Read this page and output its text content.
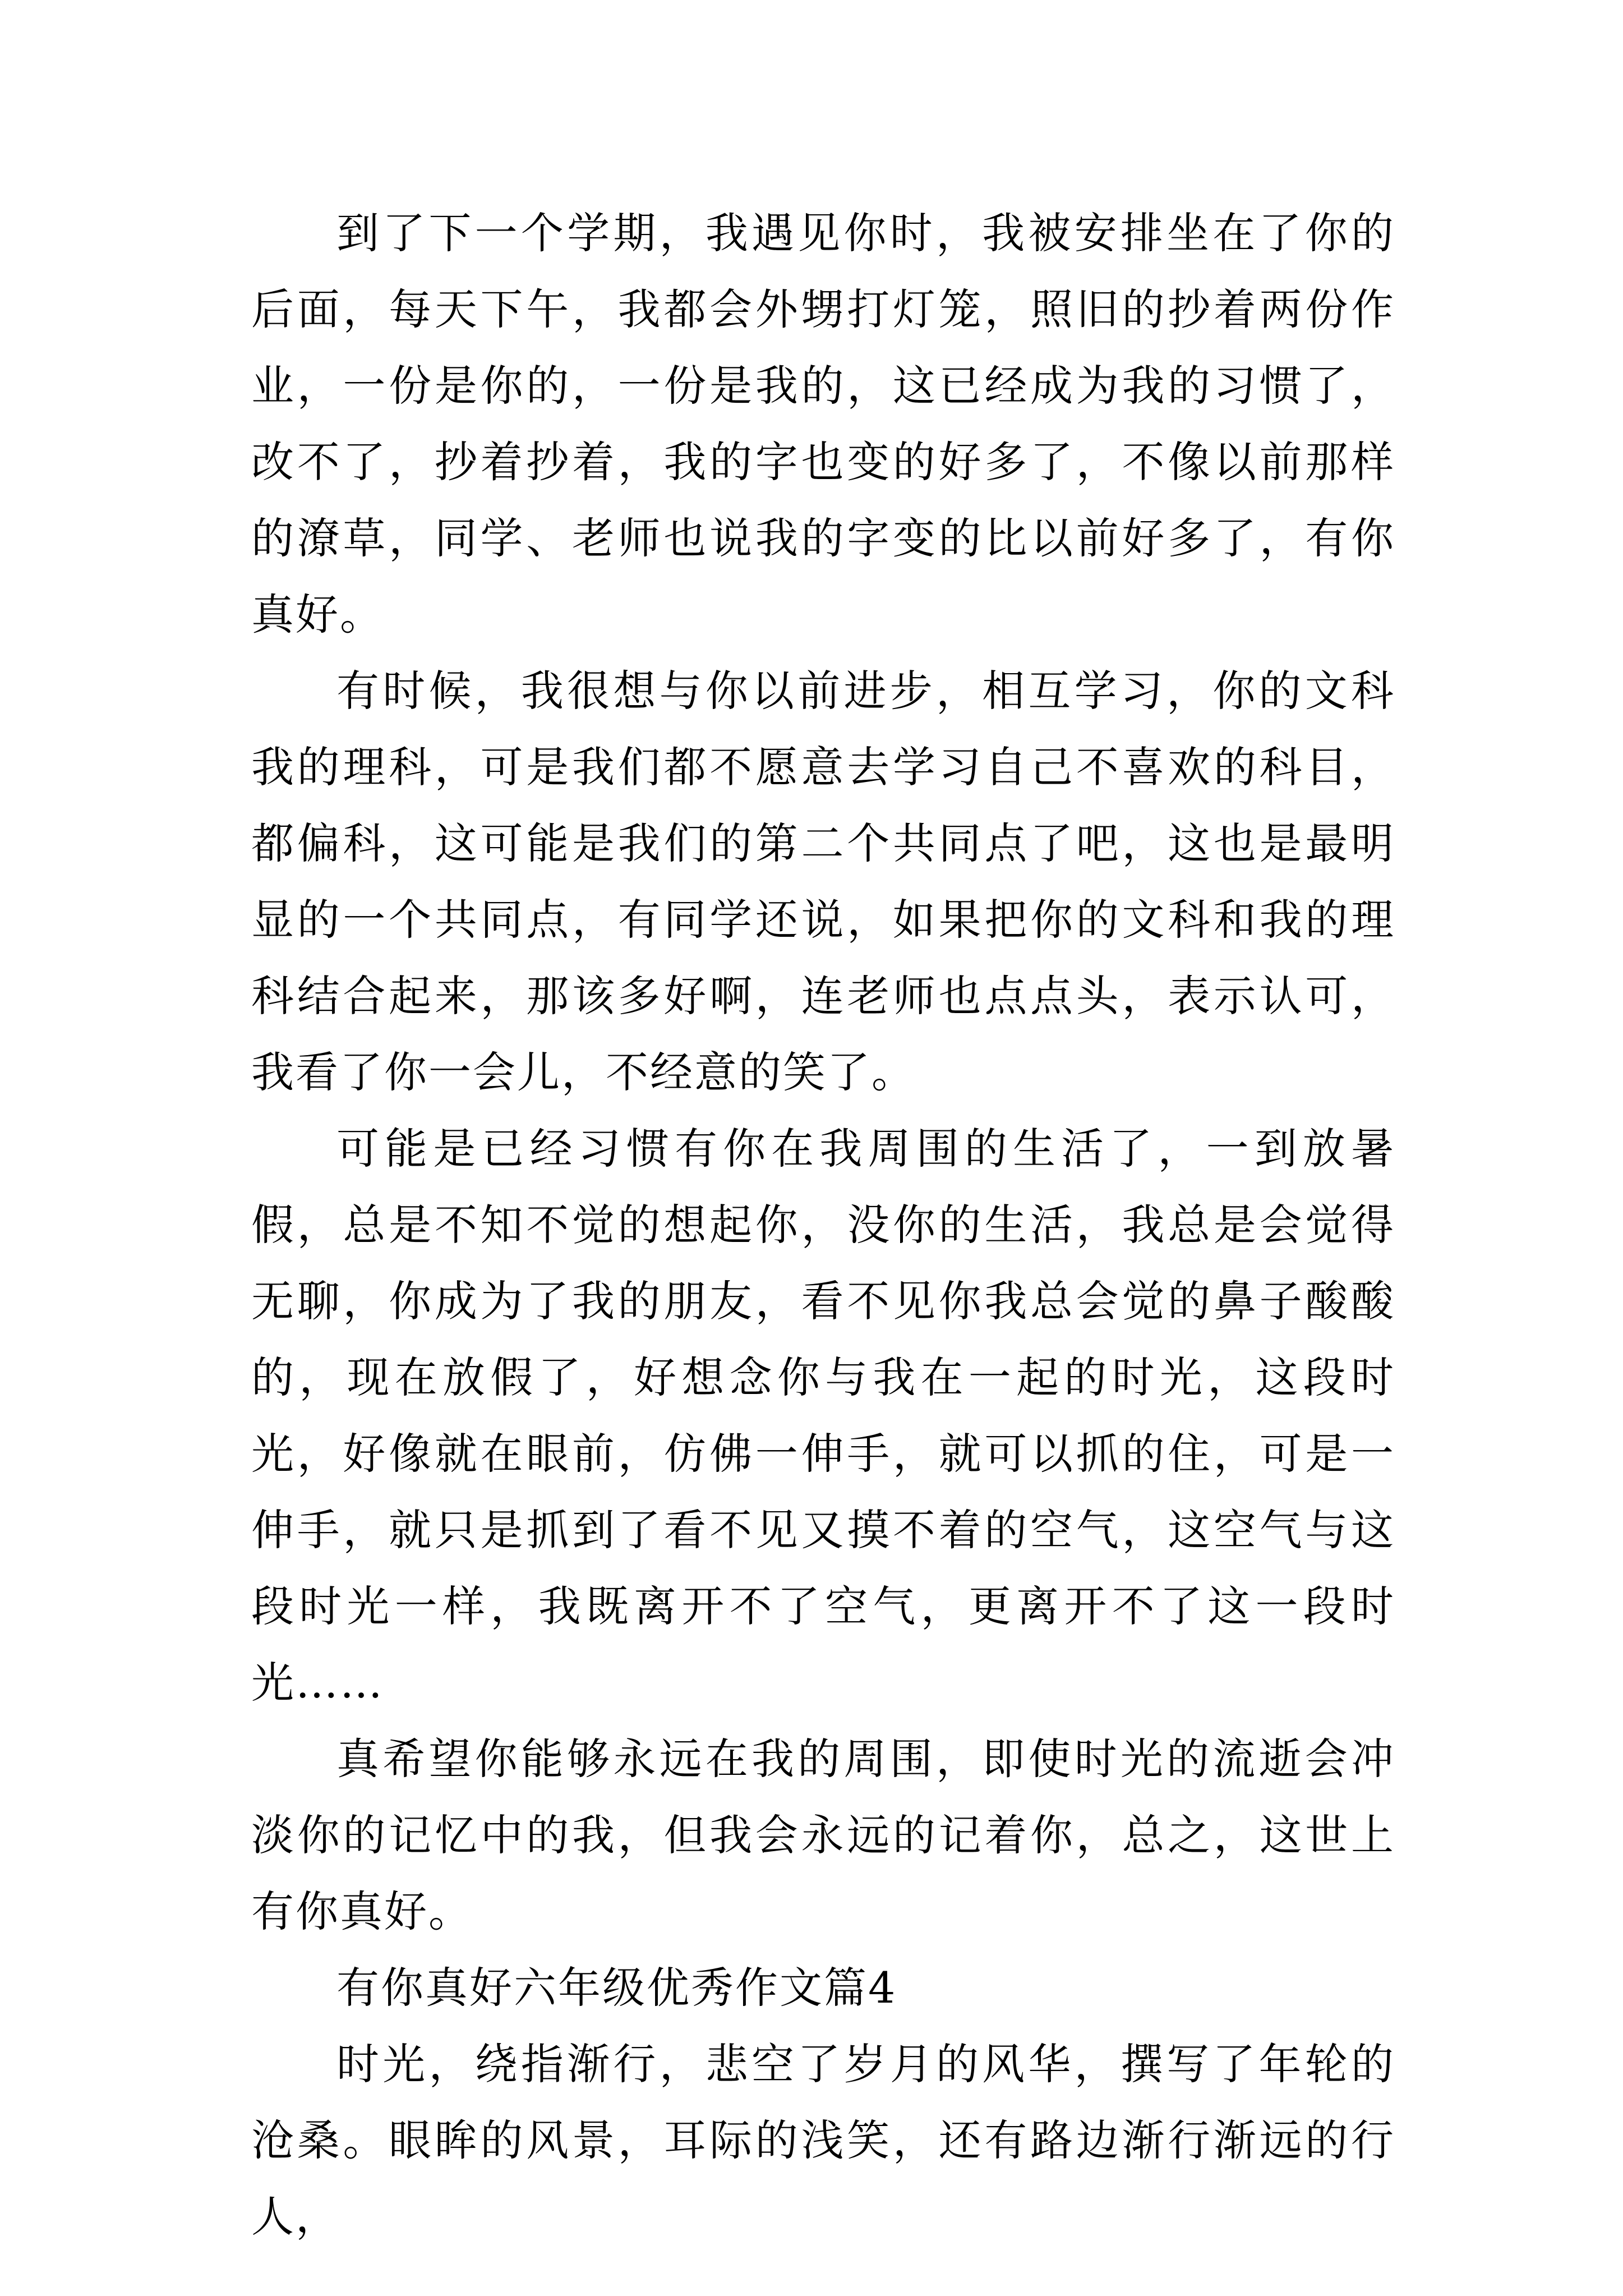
到了下一个学期，我遇见你时，我被安排坐在了你的后面，每天下午，我都会外甥打灯笼，照旧的抄着两份作业，一份是你的，一份是我的，这已经成为我的习惯了，改不了，抄着抄着，我的字也变的好多了，不像以前那样的潦草，同学、老师也说我的字变的比以前好多了，有你真好。

有时候，我很想与你以前进步，相互学习，你的文科我的理科，可是我们都不愿意去学习自己不喜欢的科目，都偏科，这可能是我们的第二个共同点了吧，这也是最明显的一个共同点，有同学还说，如果把你的文科和我的理科结合起来，那该多好啊，连老师也点点头，表示认可，我看了你一会儿，不经意的笑了。

可能是已经习惯有你在我周围的生活了，一到放暑假，总是不知不觉的想起你，没你的生活，我总是会觉得无聊，你成为了我的朋友，看不见你我总会觉的鼻子酸酸的，现在放假了，好想念你与我在一起的时光，这段时光，好像就在眼前，仿佛一伸手，就可以抓的住，可是一伸手，就只是抓到了看不见又摸不着的空气，这空气与这段时光一样，我既离开不了空气，更离开不了这一段时光……

真希望你能够永远在我的周围，即使时光的流逝会冲淡你的记忆中的我，但我会永远的记着你，总之，这世上有你真好。

有你真好六年级优秀作文篇4

时光，绕指渐行，悲空了岁月的风华，撰写了年轮的沧桑。眼眸的风景，耳际的浅笑，还有路边渐行渐远的行人，
